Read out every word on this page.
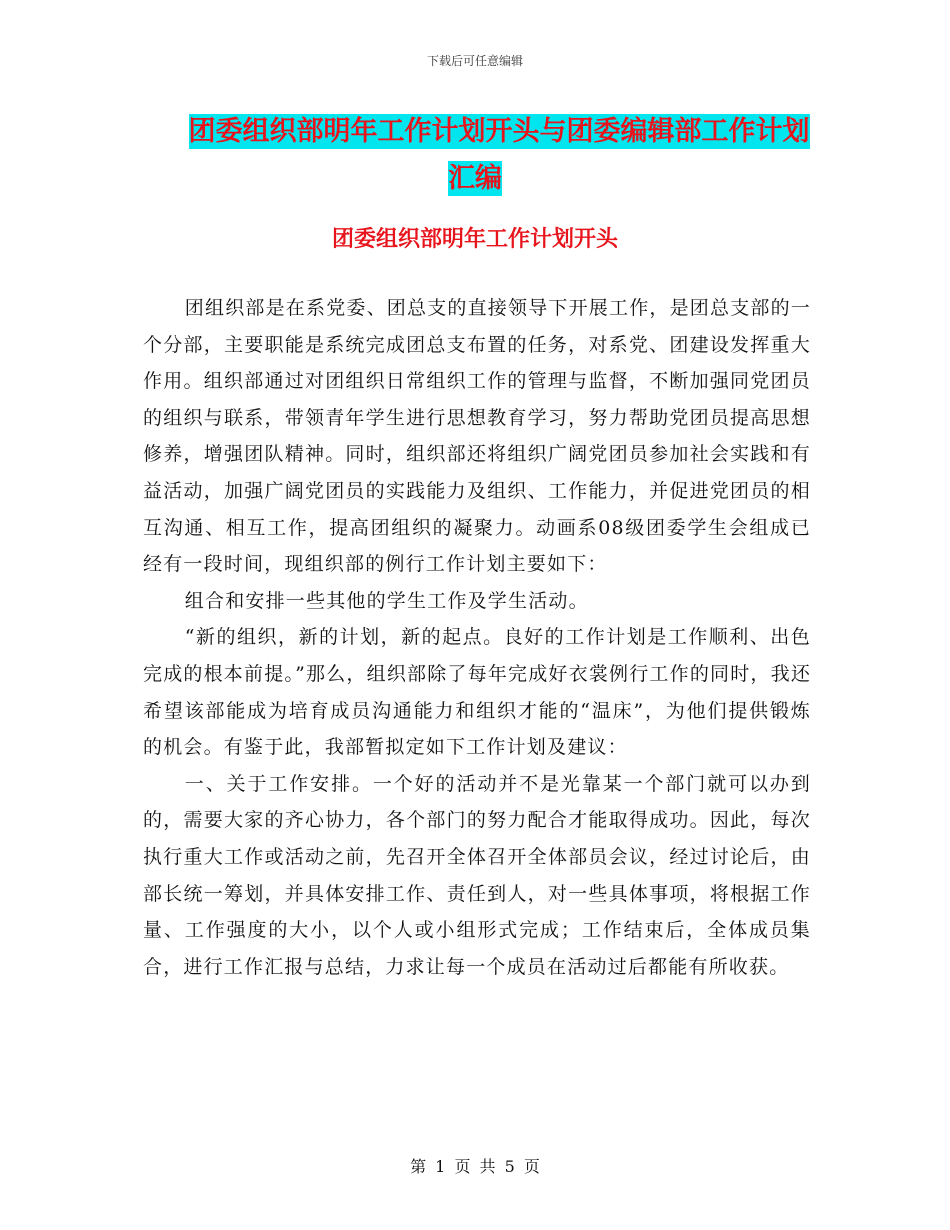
下载后可任意编辑
团委组织部明年工作计划开头与团委编辑部工作计划
汇编
团委组织部明年工作计划开头

团组织部是在系党委、团总支的直接领导下开展工作，是团总支部的一个分部，主要职能是系统完成团总支布置的任务，对系党、团建设发挥重大作用。组织部通过对团组织日常组织工作的管理与监督，不断加强同党团员的组织与联系，带领青年学生进行思想教育学习，努力帮助党团员提高思想修养，增强团队精神。同时，组织部还将组织广阔党团员参加社会实践和有益活动，加强广阔党团员的实践能力及组织、工作能力，并促进党团员的相互沟通、相互工作，提高团组织的凝聚力。动画系08级团委学生会组成已经有一段时间，现组织部的例行工作计划主要如下：

组合和安排一些其他的学生工作及学生活动。

“新的组织，新的计划，新的起点。良好的工作计划是工作顺利、出色完成的根本前提。”那么，组织部除了每年完成好衣裳例行工作的同时，我还希望该部能成为培育成员沟通能力和组织才能的“温床”，为他们提供锻炼的机会。有鉴于此，我部暂拟定如下工作计划及建议：

一、关于工作安排。一个好的活动并不是光靠某一个部门就可以办到的，需要大家的齐心协力，各个部门的努力配合才能取得成功。因此，每次执行重大工作或活动之前，先召开全体召开全体部员会议，经过讨论后，由部长统一筹划，并具体安排工作、责任到人，对一些具体事项，将根据工作量、工作强度的大小，以个人或小组形式完成；工作结束后，全体成员集合，进行工作汇报与总结，力求让每一个成员在活动过后都能有所收获。

第 1 页 共 5 页
